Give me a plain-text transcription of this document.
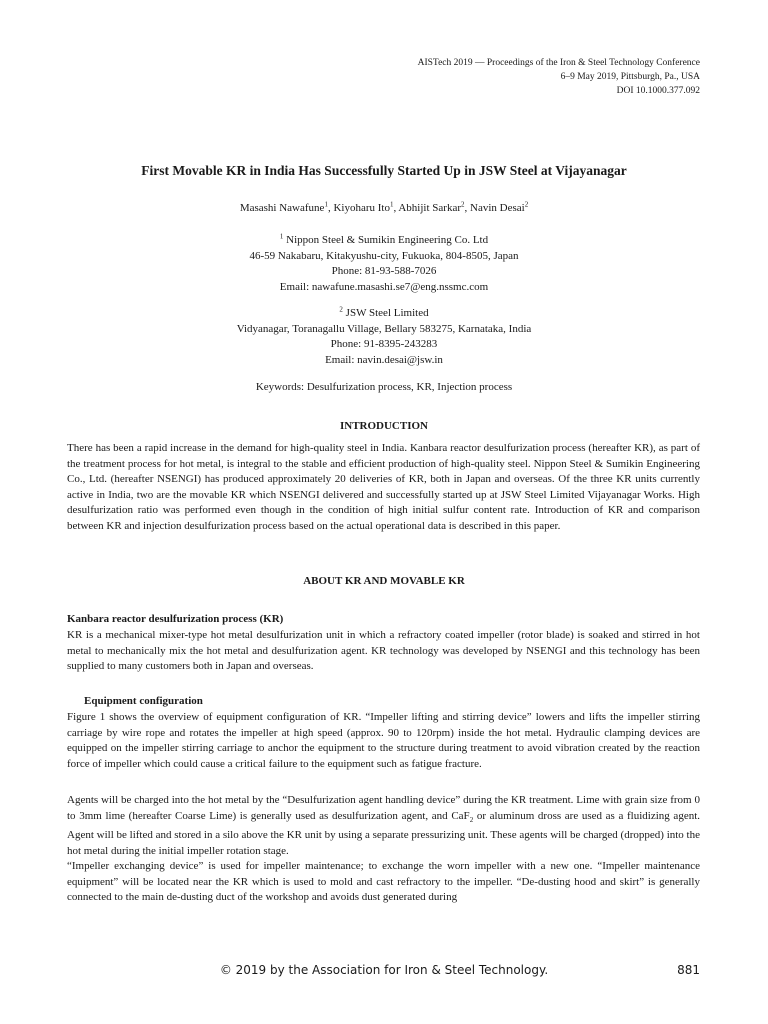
AISTech 2019 — Proceedings of the Iron & Steel Technology Conference
6–9 May 2019, Pittsburgh, Pa., USA
DOI 10.1000.377.092
First Movable KR in India Has Successfully Started Up in JSW Steel at Vijayanagar
Masashi Nawafune$^1$, Kiyoharu Ito$^1$, Abhijit Sarkar$^2$, Navin Desai$^2$
$^1$ Nippon Steel & Sumikin Engineering Co. Ltd
46-59 Nakabaru, Kitakyushu-city, Fukuoka, 804-8505, Japan
Phone: 81-93-588-7026
Email: nawafune.masashi.se7@eng.nssmc.com
$^2$ JSW Steel Limited
Vidyanagar, Toranagallu Village, Bellary 583275, Karnataka, India
Phone: 91-8395-243283
Email: navin.desai@jsw.in
Keywords: Desulfurization process, KR, Injection process
INTRODUCTION
There has been a rapid increase in the demand for high-quality steel in India. Kanbara reactor desulfurization process (hereafter KR), as part of the treatment process for hot metal, is integral to the stable and efficient production of high-quality steel. Nippon Steel & Sumikin Engineering Co., Ltd. (hereafter NSENGI) has produced approximately 20 deliveries of KR, both in Japan and overseas. Of the three KR units currently active in India, two are the movable KR which NSENGI delivered and successfully started up at JSW Steel Limited Vijayanagar Works. High desulfurization ratio was performed even though in the condition of high initial sulfur content rate. Introduction of KR and comparison between KR and injection desulfurization process based on the actual operational data is described in this paper.
ABOUT KR AND MOVABLE KR
Kanbara reactor desulfurization process (KR)
KR is a mechanical mixer-type hot metal desulfurization unit in which a refractory coated impeller (rotor blade) is soaked and stirred in hot metal to mechanically mix the hot metal and desulfurization agent. KR technology was developed by NSENGI and this technology has been supplied to many customers both in Japan and overseas.
Equipment configuration
Figure 1 shows the overview of equipment configuration of KR. “Impeller lifting and stirring device” lowers and lifts the impeller stirring carriage by wire rope and rotates the impeller at high speed (approx. 90 to 120rpm) inside the hot metal. Hydraulic clamping devices are equipped on the impeller stirring carriage to anchor the equipment to the structure during treatment to avoid vibration created by the reaction force of impeller which could cause a critical failure to the equipment such as fatigue fracture.
Agents will be charged into the hot metal by the “Desulfurization agent handling device” during the KR treatment. Lime with grain size from 0 to 3mm lime (hereafter Coarse Lime) is generally used as desulfurization agent, and CaF$_2$ or aluminum dross are used as a fluidizing agent. Agent will be lifted and stored in a silo above the KR unit by using a separate pressurizing unit. These agents will be charged (dropped) into the hot metal during the initial impeller rotation stage.
“Impeller exchanging device” is used for impeller maintenance; to exchange the worn impeller with a new one. “Impeller maintenance equipment” will be located near the KR which is used to mold and cast refractory to the impeller. “De-dusting hood and skirt” is generally connected to the main de-dusting duct of the workshop and avoids dust generated during
© 2019 by the Association for Iron & Steel Technology.	881
